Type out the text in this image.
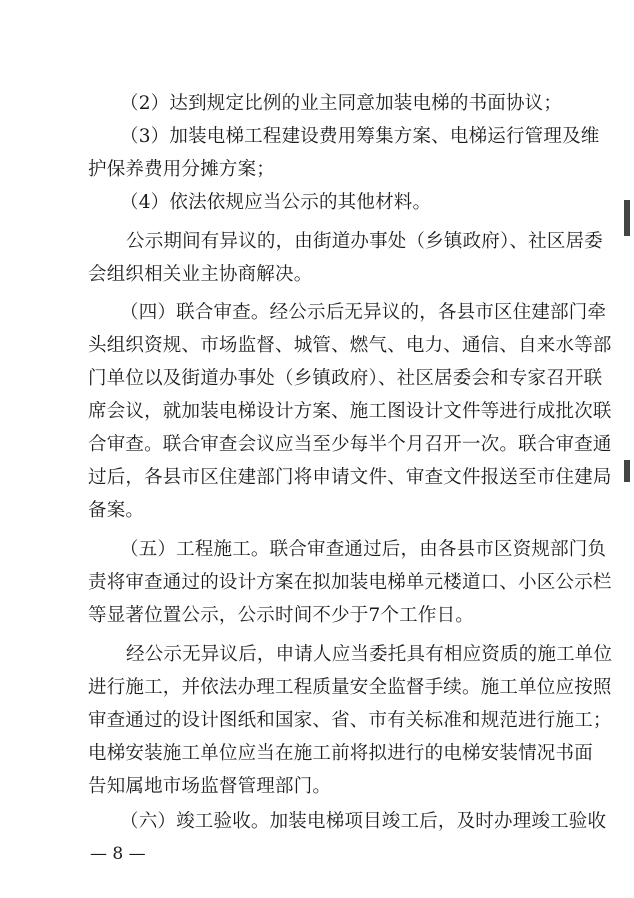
（2）达到规定比例的业主同意加装电梯的书面协议；
（3）加装电梯工程建设费用筹集方案、电梯运行管理及维
护保养费用分摊方案；
（4）依法依规应当公示的其他材料。
公示期间有异议的，由街道办事处（乡镇政府）、社区居委
会组织相关业主协商解决。
（四）联合审查。经公示后无异议的，各县市区住建部门牵
头组织资规、市场监督、城管、燃气、电力、通信、自来水等部
门单位以及街道办事处（乡镇政府）、社区居委会和专家召开联
席会议，就加装电梯设计方案、施工图设计文件等进行成批次联
合审查。联合审查会议应当至少每半个月召开一次。联合审查通
过后，各县市区住建部门将申请文件、审查文件报送至市住建局
备案。
（五）工程施工。联合审查通过后，由各县市区资规部门负
责将审查通过的设计方案在拟加装电梯单元楼道口、小区公示栏
等显著位置公示，公示时间不少于7个工作日。
经公示无异议后，申请人应当委托具有相应资质的施工单位
进行施工，并依法办理工程质量安全监督手续。施工单位应按照
审查通过的设计图纸和国家、省、市有关标准和规范进行施工；
电梯安装施工单位应当在施工前将拟进行的电梯安装情况书面
告知属地市场监督管理部门。
（六）竣工验收。加装电梯项目竣工后，及时办理竣工验收
— 8 —
